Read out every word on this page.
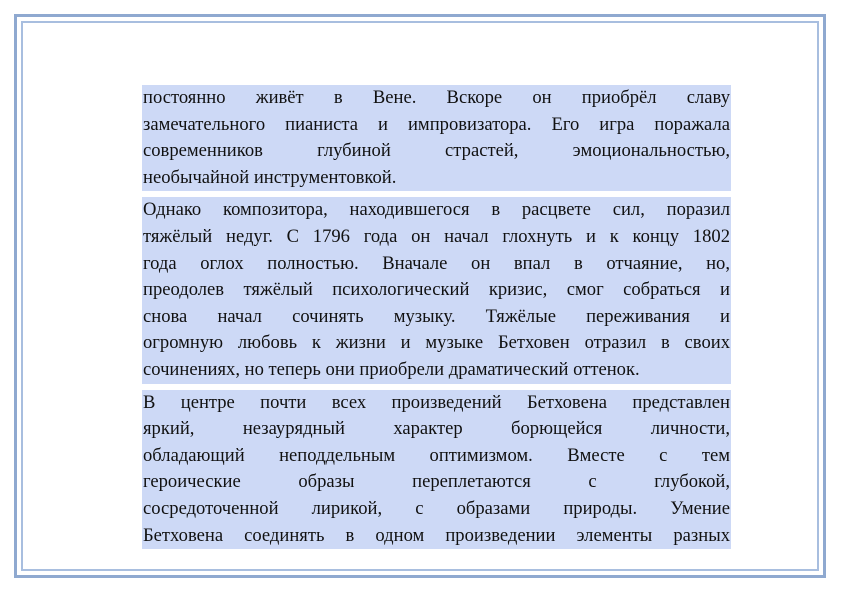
постоянно живёт в Вене. Вскоре он приобрёл славу
замечательного пианиста и импровизатора. Его игра поражала
современников глубиной страстей, эмоциональностью,
необычайной инструментовкой.

Однако композитора, находившегося в расцвете сил, поразил
тяжёлый недуг. С 1796 года он начал глохнуть и к концу 1802
года оглох полностью. Вначале он впал в отчаяние, но,
преодолев тяжёлый психологический кризис, смог собраться и
снова начал сочинять музыку. Тяжёлые переживания и
огромную любовь к жизни и музыке Бетховен отразил в своих
сочинениях, но теперь они приобрели драматический оттенок.

В центре почти всех произведений Бетховена представлен
яркий, незаурядный характер борющейся личности,
обладающий неподдельным оптимизмом. Вместе с тем
героические образы переплетаются с глубокой,
сосредоточенной лирикой, с образами природы. Умение
Бетховена соединять в одном произведении элементы разных
